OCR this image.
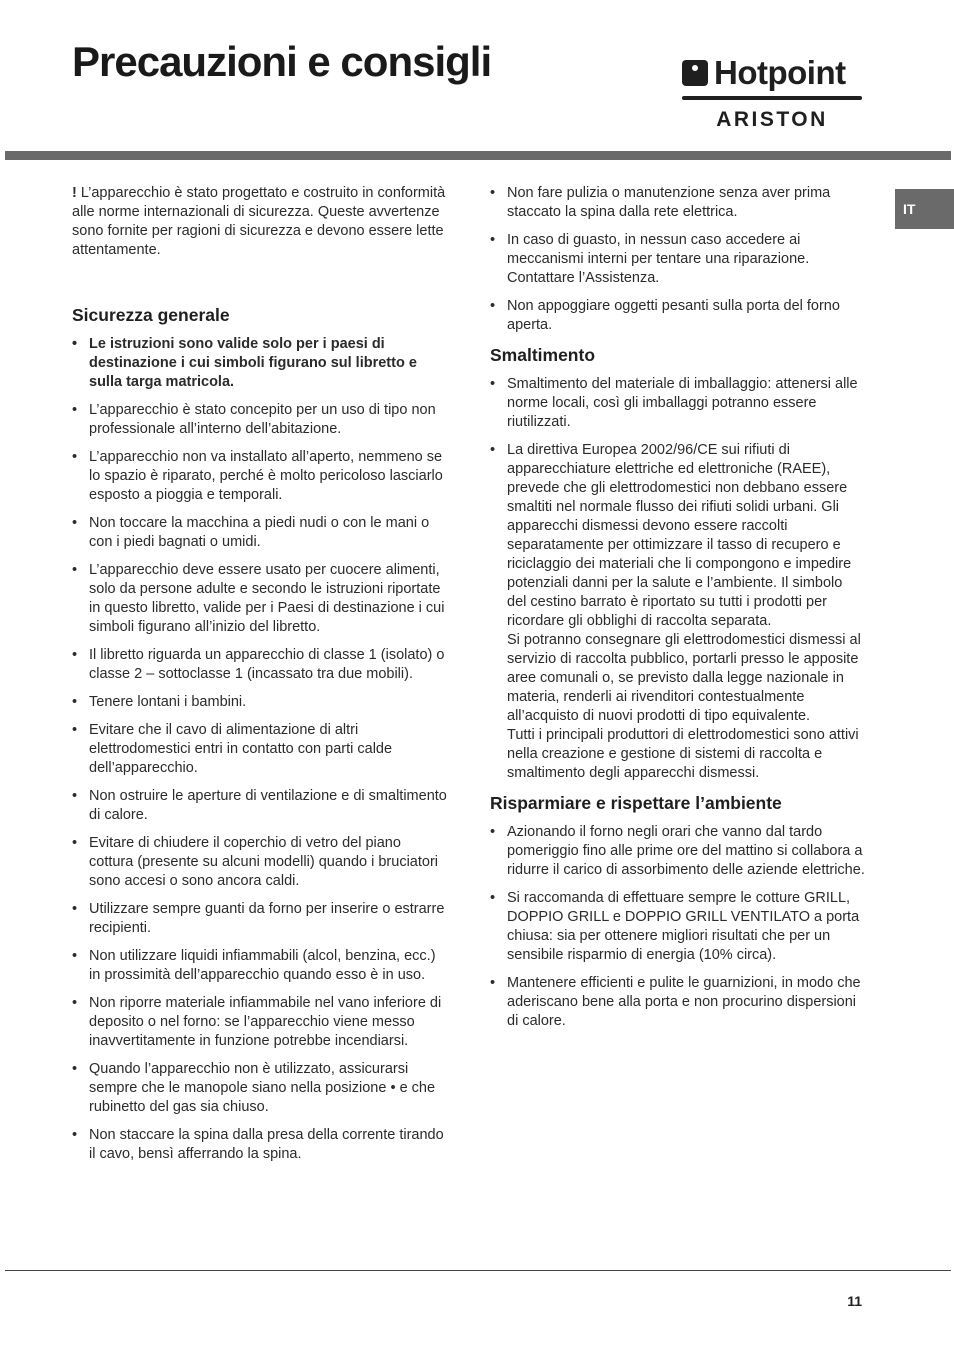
Precauzioni e consigli	Hotpoint
ARISTON
IT

! L’apparecchio è stato progettato e costruito in conformità alle norme internazionali di sicurezza. Queste avvertenze sono fornite per ragioni di sicurezza e devono essere lette attentamente.

Sicurezza generale
• Le istruzioni sono valide solo per i paesi di destinazione i cui simboli figurano sul libretto e sulla targa matricola.
• L’apparecchio è stato concepito per un uso di tipo non professionale all’interno dell’abitazione.
• L’apparecchio non va installato all’aperto, nemmeno se lo spazio è riparato, perché è molto pericoloso lasciarlo esposto a pioggia e temporali.
• Non toccare la macchina a piedi nudi o con le mani o con i piedi bagnati o umidi.
• L’apparecchio deve essere usato per cuocere alimenti, solo da persone adulte e secondo le istruzioni riportate in questo libretto, valide per i Paesi di destinazione i cui simboli figurano all’inizio del libretto.
• Il libretto riguarda un apparecchio di classe 1 (isolato) o classe 2 – sottoclasse 1 (incassato tra due mobili).
• Tenere lontani i bambini.
• Evitare che il cavo di alimentazione di altri elettrodomestici entri in contatto con parti calde dell’apparecchio.
• Non ostruire le aperture di ventilazione e di smaltimento di calore.
• Evitare di chiudere il coperchio di vetro del piano cottura (presente su alcuni modelli) quando i bruciatori sono accesi o sono ancora caldi.
• Utilizzare sempre guanti da forno per inserire o estrarre recipienti.
• Non utilizzare liquidi infiammabili (alcol, benzina, ecc.) in prossimità dell’apparecchio quando esso è in uso.
• Non riporre materiale infiammabile nel vano inferiore di deposito o nel forno: se l’apparecchio viene messo inavvertitamente in funzione potrebbe incendiarsi.
• Quando l’apparecchio non è utilizzato, assicurarsi sempre che le manopole siano nella posizione • e che rubinetto del gas sia chiuso.
• Non staccare la spina dalla presa della corrente tirando il cavo, bensì afferrando la spina.
• Non fare pulizia o manutenzione senza aver prima staccato la spina dalla rete elettrica.
• In caso di guasto, in nessun caso accedere ai meccanismi interni per tentare una riparazione. Contattare l’Assistenza.
• Non appoggiare oggetti pesanti sulla porta del forno aperta.
Smaltimento
• Smaltimento del materiale di imballaggio: attenersi alle norme locali, così gli imballaggi potranno essere riutilizzati.
• La direttiva Europea 2002/96/CE sui rifiuti di apparecchiature elettriche ed elettroniche (RAEE), prevede che gli elettrodomestici non debbano essere smaltiti nel normale flusso dei rifiuti solidi urbani. Gli apparecchi dismessi devono essere raccolti separatamente per ottimizzare il tasso di recupero e riciclaggio dei materiali che li compongono e impedire potenziali danni per la salute e l’ambiente. Il simbolo del cestino barrato è riportato su tutti i prodotti per ricordare gli obblighi di raccolta separata.
Si potranno consegnare gli elettrodomestici dismessi al servizio di raccolta pubblico, portarli presso le apposite aree comunali o, se previsto dalla legge nazionale in materia, renderli ai rivenditori contestualmente all’acquisto di nuovi prodotti di tipo equivalente.
Tutti i principali produttori di elettrodomestici sono attivi nella creazione e gestione di sistemi di raccolta e smaltimento degli apparecchi dismessi.
Risparmiare e rispettare l’ambiente
• Azionando il forno negli orari che vanno dal tardo pomeriggio fino alle prime ore del mattino si collabora a ridurre il carico di assorbimento delle aziende elettriche.
• Si raccomanda di effettuare sempre le cotture GRILL, DOPPIO GRILL e DOPPIO GRILL VENTILATO a porta chiusa: sia per ottenere migliori risultati che per un sensibile risparmio di energia (10% circa).
• Mantenere efficienti e pulite le guarnizioni, in modo che aderiscano bene alla porta e non procurino dispersioni di calore.
11
